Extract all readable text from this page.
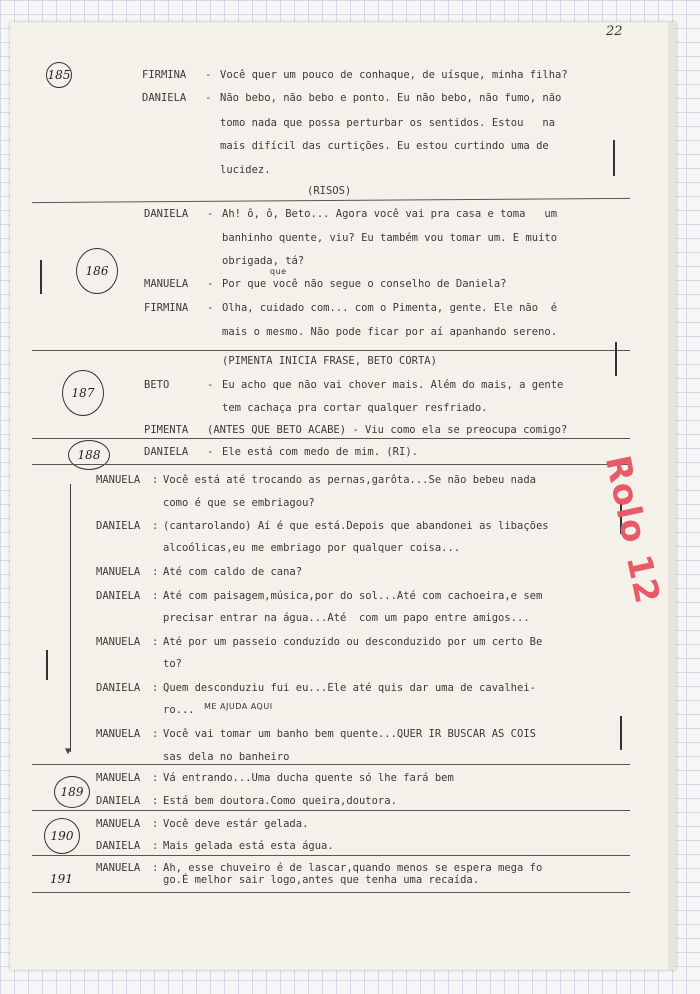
22
185	FIRMINA - Você quer um pouco de conhaque, de uísque, minha filha?
DANIELA - Não bebo, não bebo e ponto. Eu não bebo, não fumo, não
tomo nada que possa perturbar os sentidos. Estou   na
mais difícil das curtições. Eu estou curtindo uma de
lucidez.
(RISOS)
DANIELA - Ah! ô, ô, Beto... Agora você vai pra casa e toma   um
banhinho quente, viu? Eu também vou tomar um. E muito
obrigada, tá?
186	que
MANUELA - Por que você não segue o conselho de Daniela?
FIRMINA - Olha, cuidado com... com o Pimenta, gente. Ele não  é
mais o mesmo. Não pode ficar por aí apanhando sereno.
(PIMENTA INICIA FRASE, BETO CORTA)
187
BETO	- Eu acho que não vai chover mais. Além do mais, a gente
tem cachaça pra cortar qualquer resfriado.
PIMENTA (ANTES QUE BETO ACABE) - Viu como ela se preocupa comigo?
188	DANIELA - Ele está com medo de mim. (RI).
▼
MANUELA : Você está até trocando as pernas,garôta...Se não bebeu nada
como é que se embriagou?
DANIELA : (cantarolando) Aí é que está.Depois que abandonei as libações
alcoólicas,eu me embriago por qualquer coisa...
MANUELA : Até com caldo de cana?
DANIELA : Até com paisagem,música,por do sol...Até com cachoeira,e sem
precisar entrar na água...Até  com um papo entre amigos...
MANUELA : Até por um passeio conduzido ou desconduzido por um certo Be
to?
DANIELA : Quem desconduziu fui eu...Ele até quis dar uma de cavalhei-
ro... ME AJUDA AQUI
MANUELA : Você vai tomar um banho bem quente...QUER IR BUSCAR AS COIS
sas dela no banheiro
189
MANUELA : Vá entrando...Uma ducha quente só lhe fará bem
DANIELA : Está bem doutora.Como queira,doutora.
190
MANUELA : Você deve estár gelada.
DANIELA : Mais gelada está esta água.
191
MANUELA : Ah, esse chuveiro é de lascar,quando menos se espera mega fo
go.É melhor sair logo,antes que tenha uma recaída.
Rolo 12
